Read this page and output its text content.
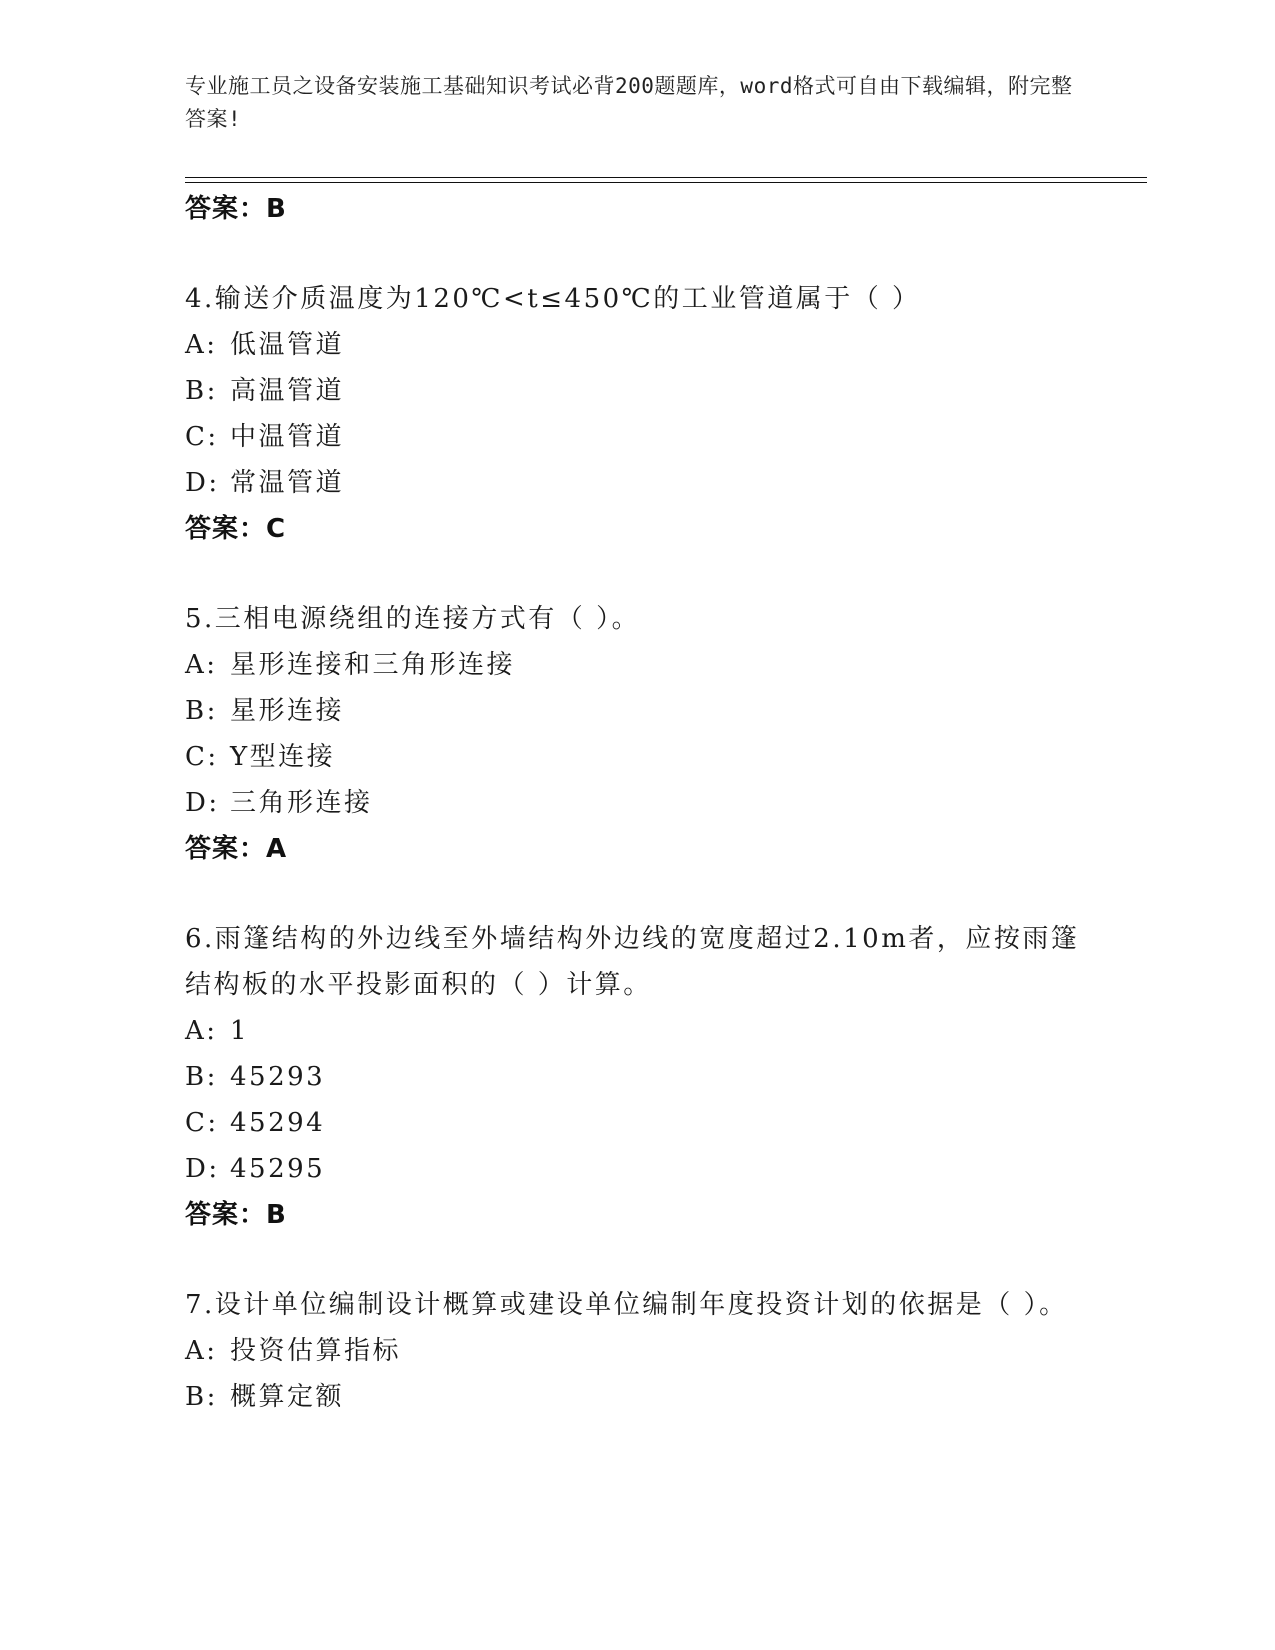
专业施工员之设备安装施工基础知识考试必背200题题库，word格式可自由下载编辑，附完整答案!
答案：B
4.输送介质温度为120℃<t≤450℃的工业管道属于（ ）
A: 低温管道
B: 高温管道
C: 中温管道
D: 常温管道
答案：C
5.三相电源绕组的连接方式有（ ）。
A: 星形连接和三角形连接
B: 星形连接
C: Y型连接
D: 三角形连接
答案：A
6.雨篷结构的外边线至外墙结构外边线的宽度超过2.10m者，应按雨篷结构板的水平投影面积的（ ）计算。
A: 1
B: 45293
C: 45294
D: 45295
答案：B
7.设计单位编制设计概算或建设单位编制年度投资计划的依据是（ ）。
A: 投资估算指标
B: 概算定额
